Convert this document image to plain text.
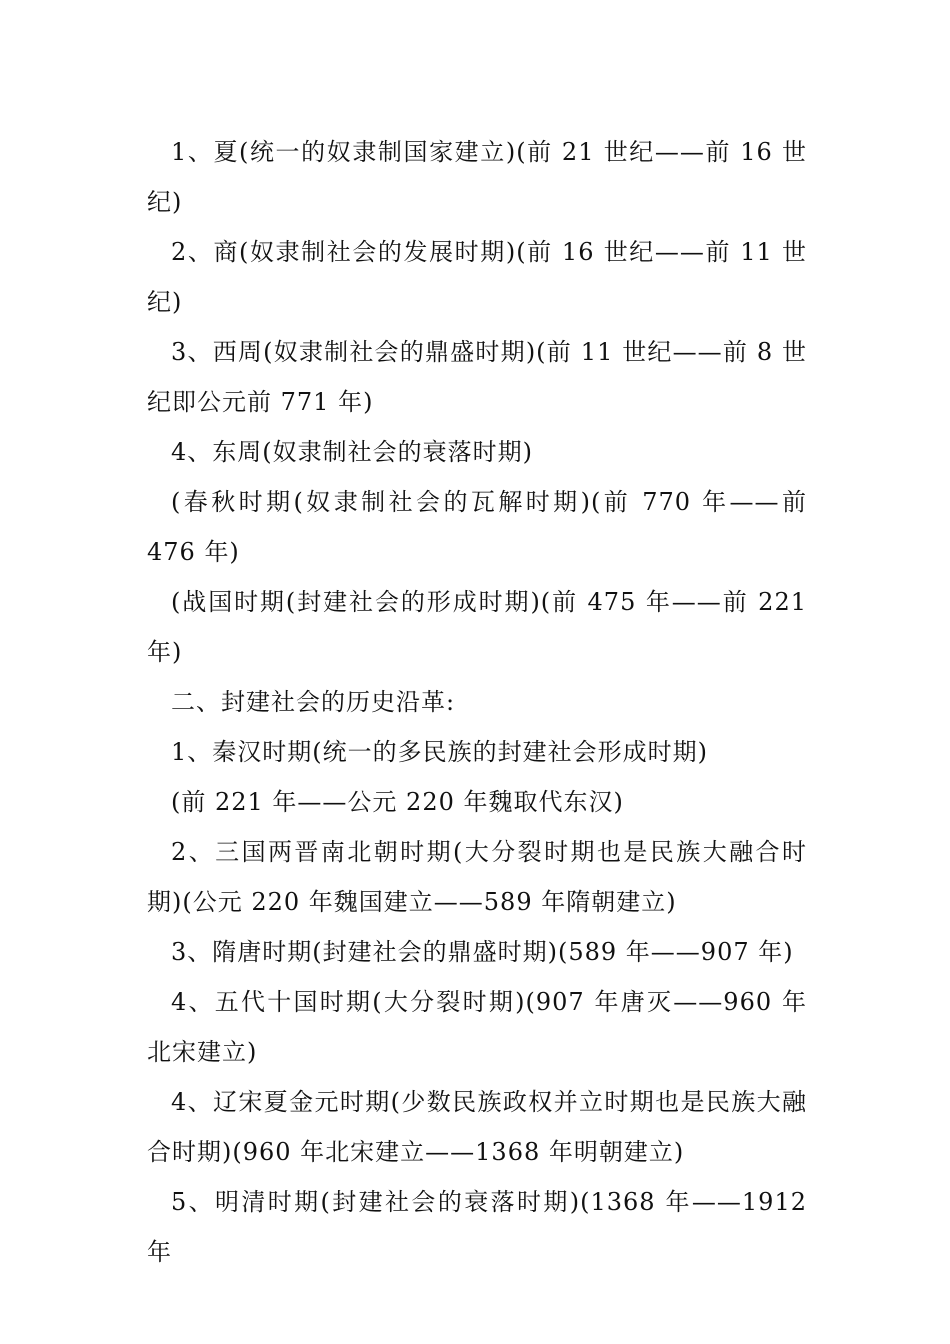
1、夏(统一的奴隶制国家建立)(前 21 世纪——前 16 世纪)

2、商(奴隶制社会的发展时期)(前 16 世纪——前 11 世纪)

3、西周(奴隶制社会的鼎盛时期)(前 11 世纪——前 8 世纪即公元前 771 年)

4、东周(奴隶制社会的衰落时期)

(春秋时期(奴隶制社会的瓦解时期)(前 770 年——前 476 年)

(战国时期(封建社会的形成时期)(前 475 年——前 221 年)

二、封建社会的历史沿革:

1、秦汉时期(统一的多民族的封建社会形成时期)

(前 221 年——公元 220 年魏取代东汉)

2、三国两晋南北朝时期(大分裂时期也是民族大融合时期)(公元 220 年魏国建立——589 年隋朝建立)

3、隋唐时期(封建社会的鼎盛时期)(589 年——907 年)

4、五代十国时期(大分裂时期)(907 年唐灭——960 年北宋建立)

4、辽宋夏金元时期(少数民族政权并立时期也是民族大融合时期)(960 年北宋建立——1368 年明朝建立)

5、明清时期(封建社会的衰落时期)(1368 年——1912 年
